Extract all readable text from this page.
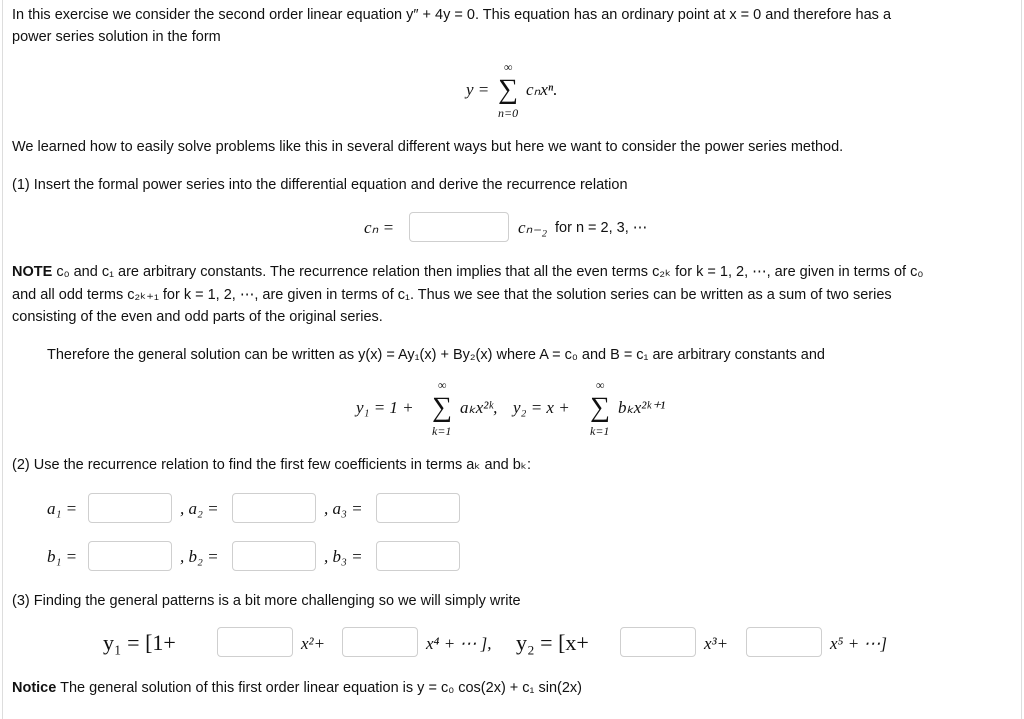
In this exercise we consider the second order linear equation y″ + 4y = 0. This equation has an ordinary point at x = 0 and therefore has a
power series solution in the form
y =
∞
∑
n=0
cₙxⁿ.
We learned how to easily solve problems like this in several different ways but here we want to consider the power series method.
(1) Insert the formal power series into the differential equation and derive the recurrence relation
cₙ =	cₙ₋₂ for n = 2, 3, ⋯
NOTE c₀ and c₁ are arbitrary constants. The recurrence relation then implies that all the even terms c₂ₖ for k = 1, 2, ⋯, are given in terms of c₀
and all odd terms c₂ₖ₊₁ for k = 1, 2, ⋯, are given in terms of c₁. Thus we see that the solution series can be written as a sum of two series
consisting of the even and odd parts of the original series.
Therefore the general solution can be written as y(x) = Ay₁(x) + By₂(x) where A = c₀ and B = c₁ are arbitrary constants and
y₁ = 1 +
∞
∑
k=1
aₖx²ᵏ, y₂ = x +
∞
∑
k=1
bₖx²ᵏ⁺¹
(2) Use the recurrence relation to find the first few coefficients in terms aₖ and bₖ:
a₁ =	, a₂ =	, a₃ =
b₁ =	, b₂ =	, b₃ =
(3) Finding the general patterns is a bit more challenging so we will simply write
y₁ = [1+	x²+	x⁴ + ⋯ ], y₂ = [x+	x³+	x⁵ + ⋯]
Notice The general solution of this first order linear equation is y = c₀ cos(2x) + c₁ sin(2x)
